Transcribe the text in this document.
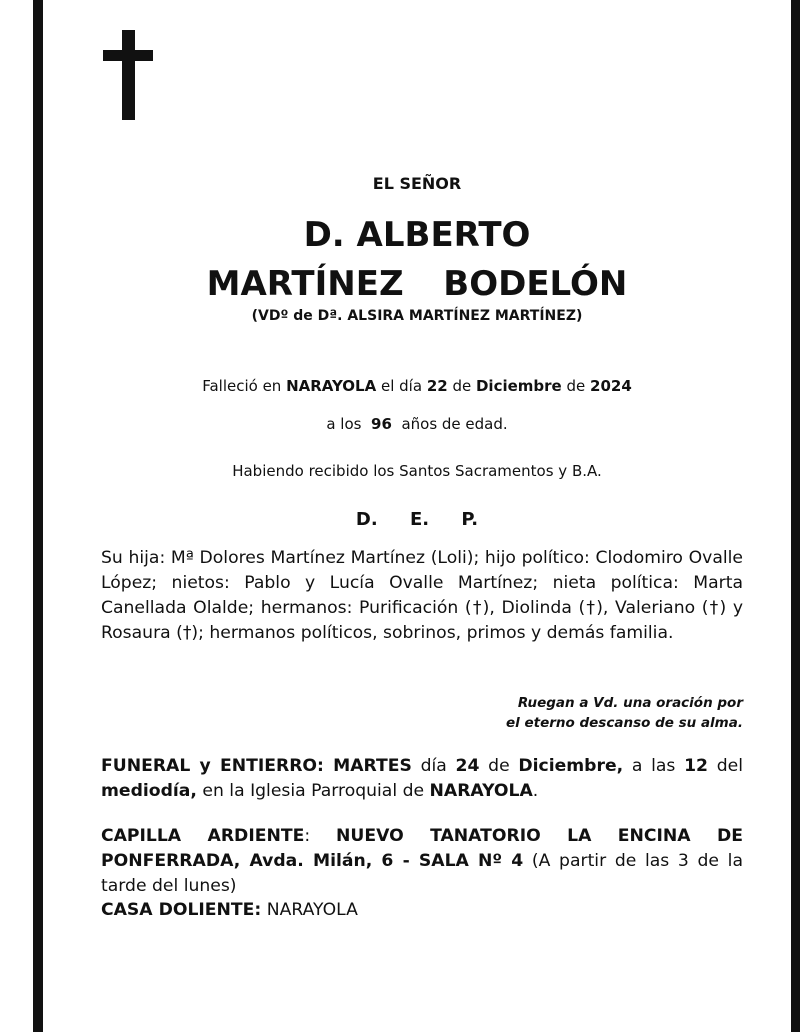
EL SEÑOR
D. ALBERTO
MARTÍNEZ  BODELÓN
(VDº de Dª. ALSIRA MARTÍNEZ MARTÍNEZ)
Falleció en NARAYOLA el día 22 de Diciembre de 2024
a los  96  años de edad.
Habiendo recibido los Santos Sacramentos y B.A.
D. E. P.

Su hija: Mª Dolores Martínez Martínez (Loli); hijo político: Clodomiro Ovalle López; nietos: Pablo y Lucía Ovalle Martínez; nieta política: Marta Canellada Olalde; hermanos: Purificación (†), Diolinda (†), Valeriano (†) y Rosaura (†); hermanos políticos, sobrinos, primos y demás familia.

Ruegan a Vd. una oración por
el eterno descanso de su alma.

FUNERAL y ENTIERRO: MARTES día 24 de Diciembre, a las 12 del mediodía, en la Iglesia Parroquial de NARAYOLA.

CAPILLA ARDIENTE: NUEVO TANATORIO LA ENCINA DE PONFERRADA, Avda. Milán, 6 - SALA Nº 4 (A partir de las 3 de la tarde del lunes)

CASA DOLIENTE: NARAYOLA
